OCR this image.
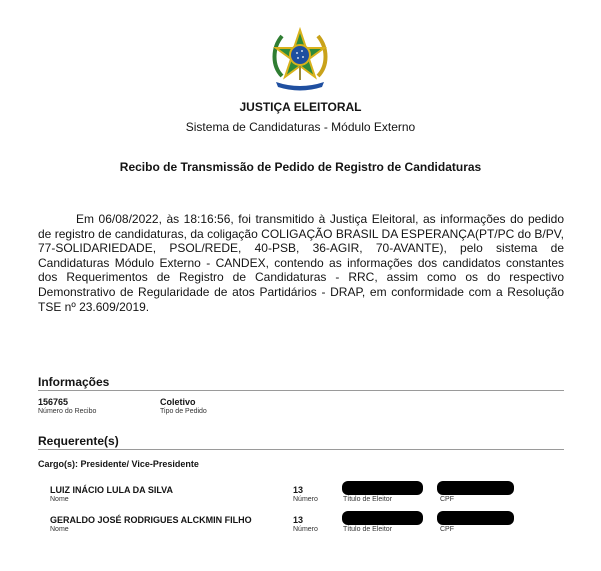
JUSTIÇA ELEITORAL
Sistema de Candidaturas - Módulo Externo
Recibo de Transmissão de Pedido de Registro de Candidaturas
Em 06/08/2022, às 18:16:56, foi transmitido à Justiça Eleitoral, as informações do pedido de registro de candidaturas, da coligação COLIGAÇÃO BRASIL DA ESPERANÇA(PT/PC do B/PV, 77-SOLIDARIEDADE, PSOL/REDE, 40-PSB, 36-AGIR, 70-AVANTE), pelo sistema de Candidaturas Módulo Externo - CANDEX, contendo as informações dos candidatos constantes dos Requerimentos de Registro de Candidaturas - RRC, assim como os do respectivo Demonstrativo de Regularidade de atos Partidários - DRAP, em conformidade com a Resolução TSE nº 23.609/2019.
Informações
156765
Número do Recibo
Coletivo
Tipo de Pedido
Requerente(s)
Cargo(s): Presidente/ Vice-Presidente
LUIZ INÁCIO LULA DA SILVA
Nome
13
Número	Título de Eleitor	CPF
GERALDO JOSÉ RODRIGUES ALCKMIN FILHO
Nome
13
Número	Título de Eleitor	CPF
